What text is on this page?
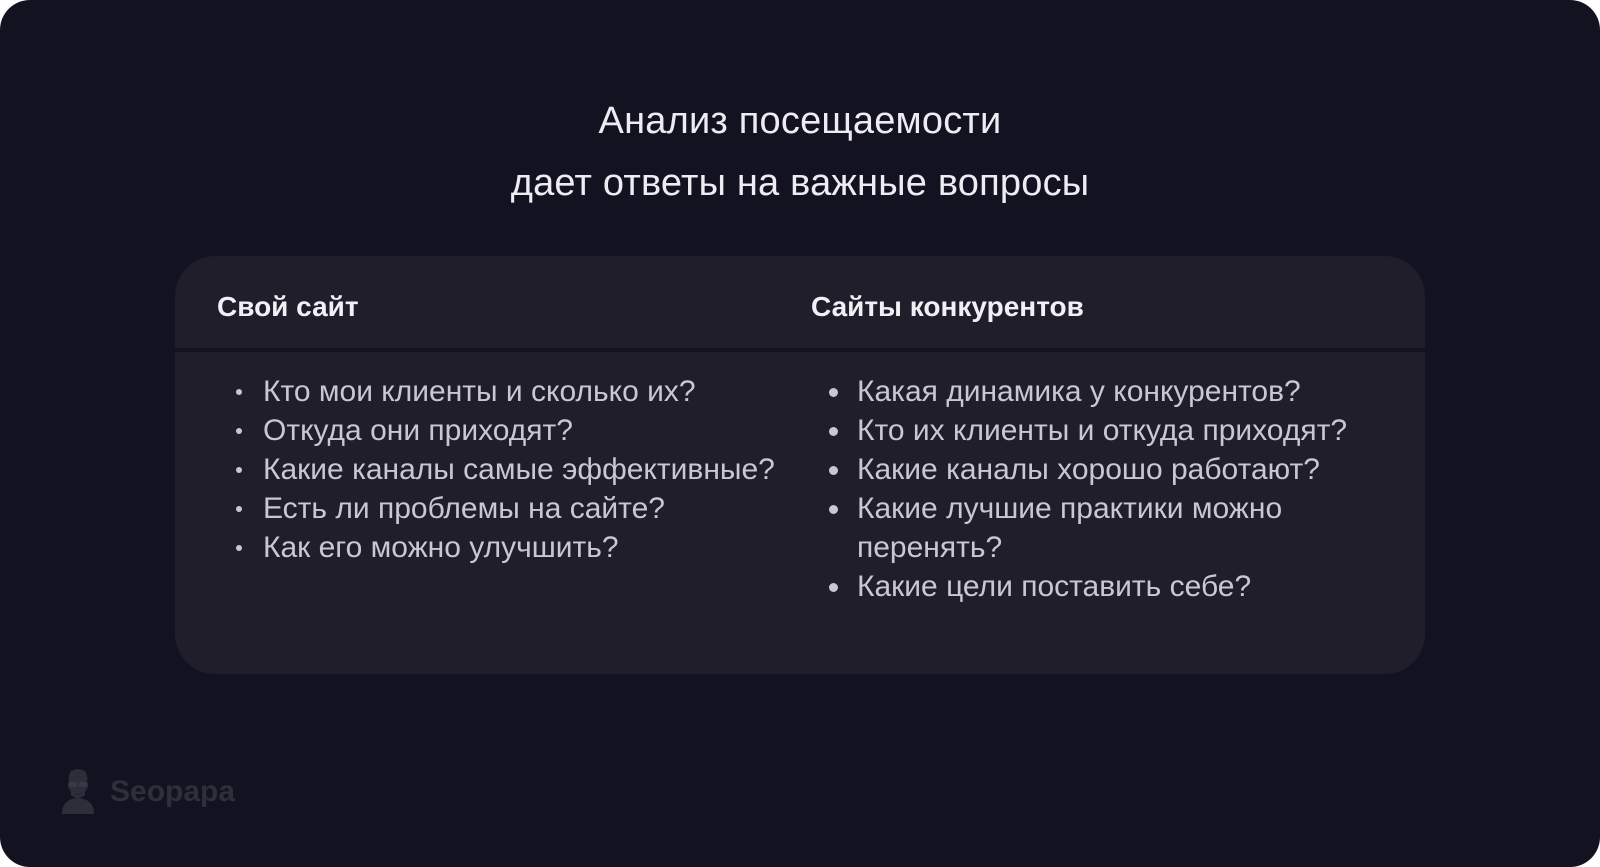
Анализ посещаемости
дает ответы на важные вопросы
Свой сайт	Сайты конкурентов
Кто мои клиенты и сколько их?
Откуда они приходят?
Какие каналы самые эффективные?
Есть ли проблемы на сайте?
Как его можно улучшить?
Какая динамика у конкурентов?
Кто их клиенты и откуда приходят?
Какие каналы хорошо работают?
Какие лучшие практики можно перенять?
Какие цели поставить себе?
Seopapa
